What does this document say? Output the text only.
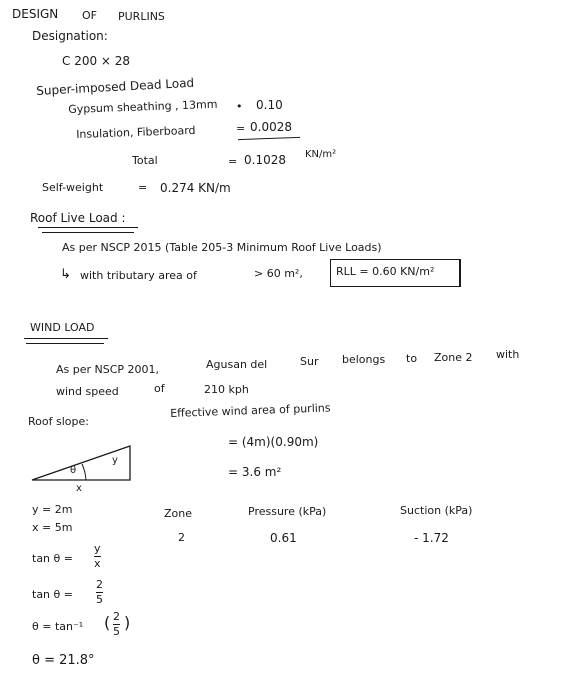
DESIGN OF PURLINS
Designation:
C 200 × 28
Super-imposed Dead Load
Gypsum sheathing , 13mm • 0.10
Insulation, Fiberboard	= 0.0028
Total	= 0.1028 KN/m²
Self-weight	= 0.274 KN/m
Roof Live Load :
As per NSCP 2015 (Table 205-3 Minimum Roof Live Loads)
↳ with tributary area of	> 60 m²,	RLL = 0.60 KN/m²
WIND LOAD
As per NSCP 2001,	Agusan del	Sur belongs to Zone 2 with
wind speed	of	210 kph
Roof slope:
θ
y
x
y = 2m
x = 5m
tan θ =
y
x
tan θ =
2
5
θ = tan⁻¹ ( 2
5 )
θ = 21.8°
Effective wind area of purlins
= (4m)(0.90m)
= 3.6 m²
Zone	Pressure (kPa)	Suction (kPa)
2	0.61	- 1.72
